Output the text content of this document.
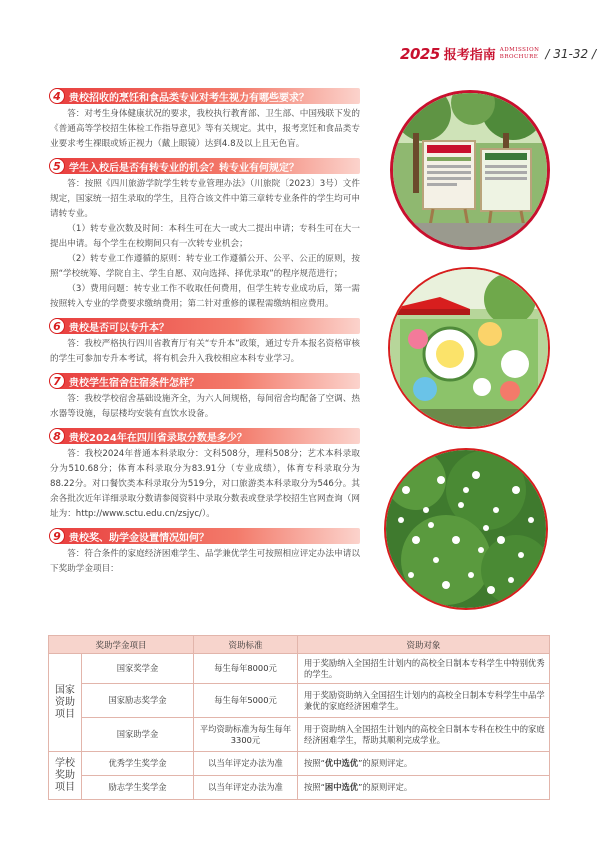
2025 报考指南 ADMISSION
BROCHURE / 31-32 /
4 贵校招收的烹饪和食品类专业对考生视力有哪些要求？

答：对考生身体健康状况的要求，我校执行教育部、卫生部、中国残联下发的《普通高等学校招生体检工作指导意见》等有关规定。其中，报考烹饪和食品类专业要求考生裸眼或矫正视力（戴上眼镜）达到4.8及以上且无色盲。

5 学生入校后是否有转专业的机会？转专业有何规定？

答：按照《四川旅游学院学生转专业管理办法》（川旅院〔2023〕3号）文件规定，国家统一招生录取的学生，且符合该文件中第三章转专业条件的学生均可申请转专业。

（1）转专业次数及时间：本科生可在大一或大二提出申请；专科生可在大一提出申请。每个学生在校期间只有一次转专业机会；

（2）转专业工作遵循的原则：转专业工作遵循公开、公平、公正的原则，按照“学校统筹、学院自主、学生自愿、双向选择、择优录取”的程序规范进行；

（3）费用问题：转专业工作不收取任何费用，但学生转专业成功后，第一需按照转入专业的学费要求缴纳费用；第二针对重修的课程需缴纳相应费用。

6 贵校是否可以专升本？

答：我校严格执行四川省教育厅有关“专升本”政策，通过专升本报名资格审核的学生可参加专升本考试，将有机会升入我校相应本科专业学习。

7 贵校学生宿舍住宿条件怎样？

答：我校学校宿舍基础设施齐全，为六人间规格，每间宿舍均配备了空调、热水器等设施，每层楼均安装有直饮水设备。

8 贵校2024年在四川省录取分数是多少？

答：我校2024年普通本科录取分：文科508分，理科508分；艺术本科录取分为510.68分；体育本科录取分为83.91分（专业成绩），体育专科录取分为88.22分。对口餐饮类本科录取分为519分，对口旅游类本科录取分为546分。其余各批次近年详细录取分数请参阅资料中录取分数表或登录学校招生官网查询（网址为：http://www.sctu.edu.cn/zsjyc/）。

9 贵校奖、助学金设置情况如何？

答：符合条件的家庭经济困难学生、品学兼优学生可按照相应评定办法申请以下奖助学金项目：

奖助学金项目		资助标准	资助对象
国家资助项目	国家奖学金	每生每年8000元	用于奖励纳入全国招生计划内的高校全日制本专科学生中特别优秀的学生。
	国家励志奖学金	每生每年5000元	用于奖励资助纳入全国招生计划内的高校全日制本专科学生中品学兼优的家庭经济困难学生。
	国家助学金	平均资助标准为每生每年3300元	用于资助纳入全国招生计划内的高校全日制本专科在校生中的家庭经济困难学生，帮助其顺利完成学业。
学校奖助项目	优秀学生奖学金	以当年评定办法为准	按照“优中选优”的原则评定。
	励志学生奖学金	以当年评定办法为准	按照“困中选优”的原则评定。
